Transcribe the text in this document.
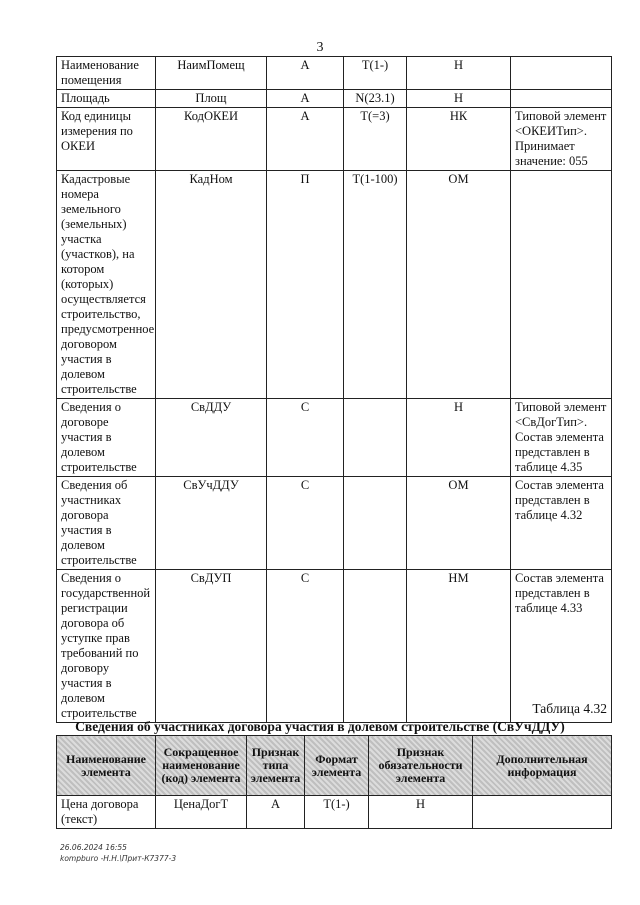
3
Наименование помещения	НаимПомещ	А	Т(1-)	Н	
Площадь	Площ	А	N(23.1)	Н	
Код единицы измерения по ОКЕИ	КодОКЕИ	А	Т(=3)	НК	Типовой элемент <ОКЕИТип>. Принимает значение: 055
Кадастровые номера земельного (земельных) участка (участков), на котором (которых) осуществляется строительство, предусмотренное договором участия в долевом строительстве	КадНом	П	Т(1-100)	ОМ	
Сведения о договоре участия в долевом строительстве	СвДДУ	С		Н	Типовой элемент <СвДогТип>. Состав элемента представлен в таблице 4.35
Сведения об участниках договора участия в долевом строительстве	СвУчДДУ	С		ОМ	Состав элемента представлен в таблице 4.32
Сведения о государственной регистрации договора об уступке прав требований по договору участия в долевом строительстве	СвДУП	С		НМ	Состав элемента представлен в таблице 4.33
Таблица 4.32
Сведения об участниках договора участия в долевом строительстве (СвУчДДУ)
Наименование элемента	Сокращенное наименование (код) элемента	Признак типа элемента	Формат элемента	Признак обязательности элемента	Дополнительная информация
Цена договора (текст)	ЦенаДогТ	А	Т(1-)	Н	
26.06.2024 16:55
kompburo -Н.Н.\Прит-К7377-3
